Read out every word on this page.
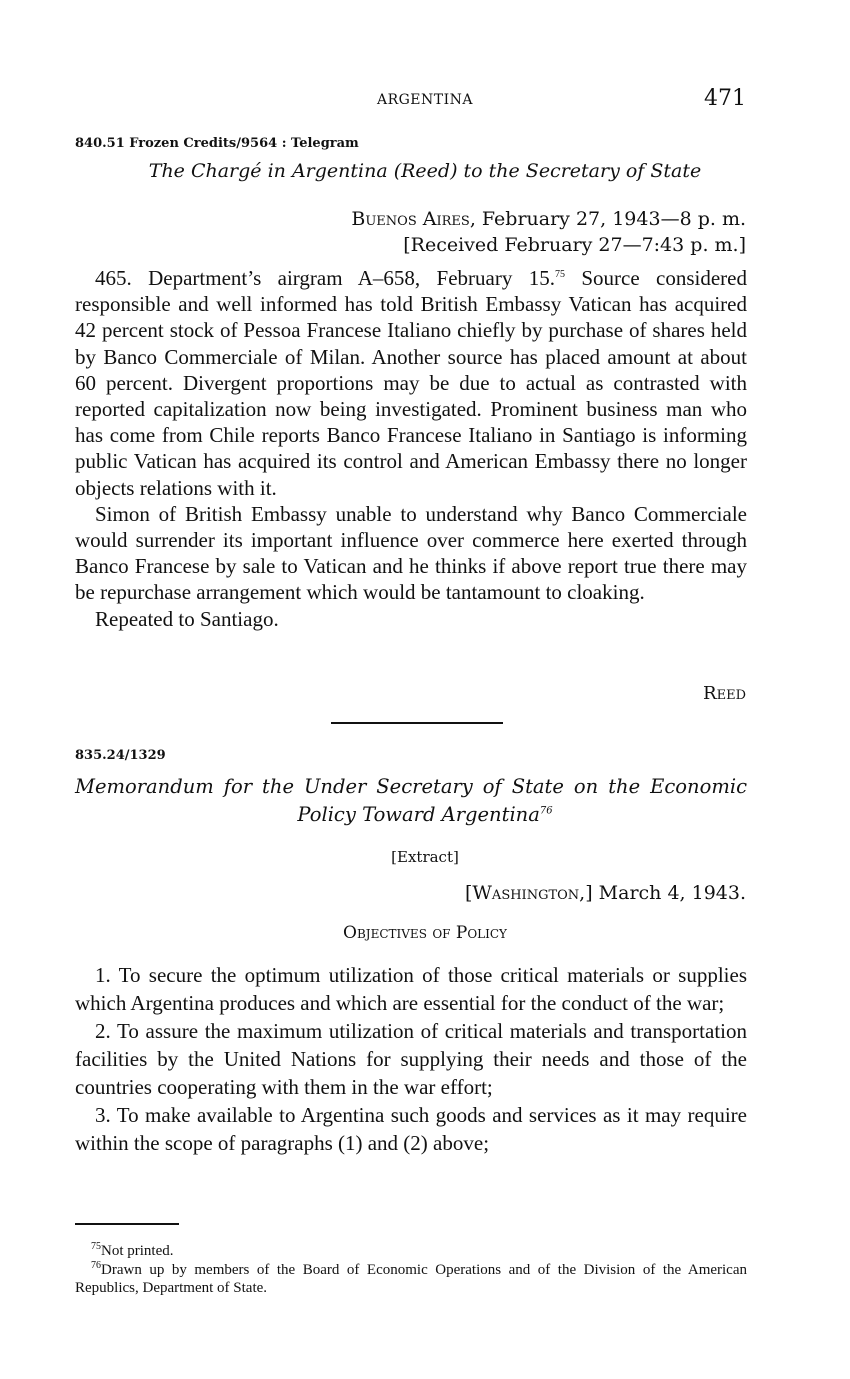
ARGENTINA	471
840.51 Frozen Credits/9564 : Telegram
The Chargé in Argentina (Reed) to the Secretary of State
Buenos Aires, February 27, 1943—8 p. m.
[Received February 27—7:43 p. m.]

465. Department’s airgram A–658, February 15.75 Source considered responsible and well informed has told British Embassy Vatican has acquired 42 percent stock of Pessoa Francese Italiano chiefly by purchase of shares held by Banco Commerciale of Milan. Another source has placed amount at about 60 percent. Divergent proportions may be due to actual as contrasted with reported capitalization now being investigated. Prominent business man who has come from Chile reports Banco Francese Italiano in Santiago is informing public Vatican has acquired its control and American Embassy there no longer objects relations with it.

Simon of British Embassy unable to understand why Banco Commerciale would surrender its important influence over commerce here exerted through Banco Francese by sale to Vatican and he thinks if above report true there may be repurchase arrangement which would be tantamount to cloaking.

Repeated to Santiago.

Reed
835.24/1329
Memorandum for the Under Secretary of State on the Economic
Policy Toward Argentina$^{76}$
[Extract]
[Washington,] March 4, 1943.
Objectives of Policy

1. To secure the optimum utilization of those critical materials or supplies which Argentina produces and which are essential for the conduct of the war;

2. To assure the maximum utilization of critical materials and transportation facilities by the United Nations for supplying their needs and those of the countries cooperating with them in the war effort;

3. To make available to Argentina such goods and services as it may require within the scope of paragraphs (1) and (2) above;

$^{75}$Not printed.
$^{76}$Drawn up by members of the Board of Economic Operations and of the Division of the American Republics, Department of State.
